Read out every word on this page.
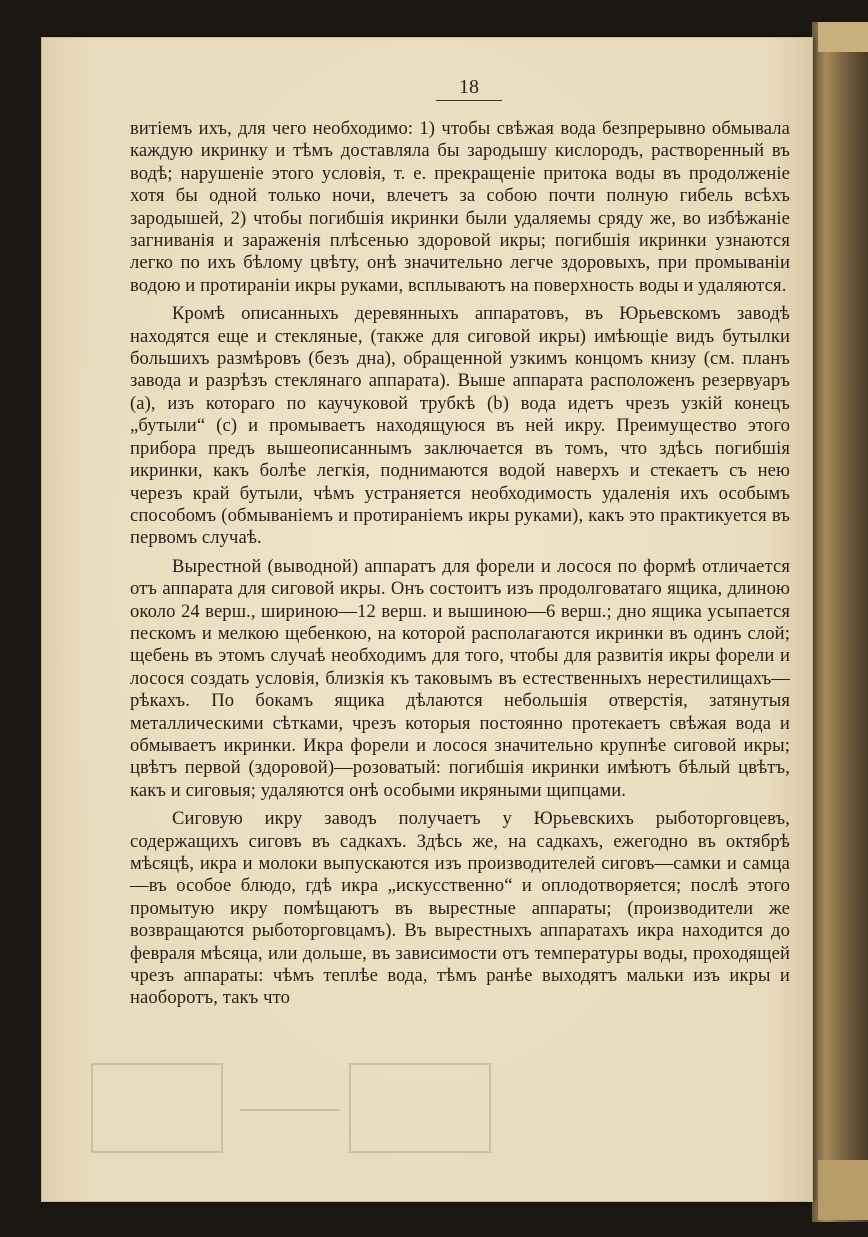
18

витіемъ ихъ, для чего необходимо: 1) чтобы свѣжая вода безпрерывно обмывала каждую икринку и тѣмъ доставляла бы зародышу кислородъ, растворенный въ водѣ; нарушеніе этого условія, т. е. прекращеніе притока воды въ продолженіе хотя бы одной только ночи, влечетъ за собою почти полную гибель всѣхъ зародышей, 2) чтобы погибшія икринки были удаляемы сряду же, во избѣжаніе загниванія и зараженія плѣсенью здоровой икры; погибшія икринки узнаются легко по ихъ бѣлому цвѣту, онѣ значительно легче здоровыхъ, при промываніи водою и протираніи икры руками, всплываютъ на поверхность воды и удаляются.

Кромѣ описанныхъ деревянныхъ аппаратовъ, въ Юрьевскомъ заводѣ находятся еще и стекляные, (также для сиговой икры) имѣющіе видъ бутылки большихъ размѣровъ (безъ дна), обращенной узкимъ концомъ книзу (см. планъ завода и разрѣзъ стеклянаго аппарата). Выше аппарата расположенъ резервуаръ (а), изъ котораго по каучуковой трубкѣ (b) вода идетъ чрезъ узкій конецъ „бутыли“ (с) и промываетъ находящуюся въ ней икру. Преимущество этого прибора предъ вышеописаннымъ заключается въ томъ, что здѣсь погибшія икринки, какъ болѣе легкія, поднимаются водой наверхъ и стекаетъ съ нею черезъ край бутыли, чѣмъ устраняется необходимость удаленія ихъ особымъ способомъ (обмываніемъ и протираніемъ икры руками), какъ это практикуется въ первомъ случаѣ.

Вырестной (выводной) аппаратъ для форели и лосося по формѣ отличается отъ аппарата для сиговой икры. Онъ состоитъ изъ продолговатаго ящика, длиною около 24 верш., шириною—12 верш. и вышиною—6 верш.; дно ящика усыпается пескомъ и мелкою щебенкою, на которой располагаются икринки въ одинъ слой; щебень въ этомъ случаѣ необходимъ для того, чтобы для развитія икры форели и лосося создать условія, близкія къ таковымъ въ естественныхъ нерестилищахъ—рѣкахъ. По бокамъ ящика дѣлаются небольшія отверстія, затянутыя металлическими сѣтками, чрезъ которыя постоянно протекаетъ свѣжая вода и обмываетъ икринки. Икра форели и лосося значительно крупнѣе сиговой икры; цвѣтъ первой (здоровой)—розоватый: погибшія икринки имѣютъ бѣлый цвѣтъ, какъ и сиговыя; удаляются онѣ особыми икряными щипцами.

Сиговую икру заводъ получаетъ у Юрьевскихъ рыботорговцевъ, содержащихъ сиговъ въ садкахъ. Здѣсь же, на садкахъ, ежегодно въ октябрѣ мѣсяцѣ, икра и молоки выпускаются изъ производителей сиговъ—самки и самца—въ особое блюдо, гдѣ икра „искусственно“ и оплодотворяется; послѣ этого промытую икру помѣщаютъ въ вырестные аппараты; (производители же возвращаются рыботорговцамъ). Въ вырестныхъ аппаратахъ икра находится до февраля мѣсяца, или дольше, въ зависимости отъ температуры воды, проходящей чрезъ аппараты: чѣмъ теплѣе вода, тѣмъ ранѣе выходятъ мальки изъ икры и наоборотъ, такъ что
